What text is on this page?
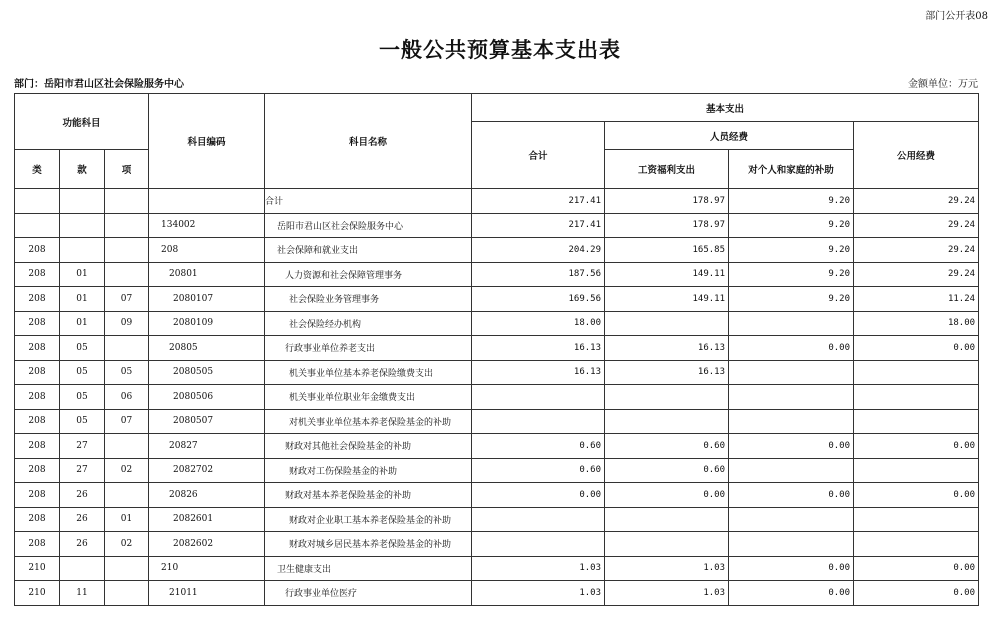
部门公开表08
一般公共预算基本支出表
部门：岳阳市君山区社会保险服务中心	金额单位：万元
功能科目			科目编码	科目名称	基本支出			
					合计	人员经费		公用经费
类	款	项				工资福利支出	对个人和家庭的补助	
				合计	217.41	178.97	9.20	29.24
			134002	岳阳市君山区社会保险服务中心	217.41	178.97	9.20	29.24
208			208	社会保障和就业支出	204.29	165.85	9.20	29.24
208	01		20801	人力资源和社会保障管理事务	187.56	149.11	9.20	29.24
208	01	07	2080107	社会保险业务管理事务	169.56	149.11	9.20	11.24
208	01	09	2080109	社会保险经办机构	18.00			18.00
208	05		20805	行政事业单位养老支出	16.13	16.13	0.00	0.00
208	05	05	2080505	机关事业单位基本养老保险缴费支出	16.13	16.13		
208	05	06	2080506	机关事业单位职业年金缴费支出				
208	05	07	2080507	对机关事业单位基本养老保险基金的补助				
208	27		20827	财政对其他社会保险基金的补助	0.60	0.60	0.00	0.00
208	27	02	2082702	财政对工伤保险基金的补助	0.60	0.60		
208	26		20826	财政对基本养老保险基金的补助	0.00	0.00	0.00	0.00
208	26	01	2082601	财政对企业职工基本养老保险基金的补助				
208	26	02	2082602	财政对城乡居民基本养老保险基金的补助				
210			210	卫生健康支出	1.03	1.03	0.00	0.00
210	11		21011	行政事业单位医疗	1.03	1.03	0.00	0.00
